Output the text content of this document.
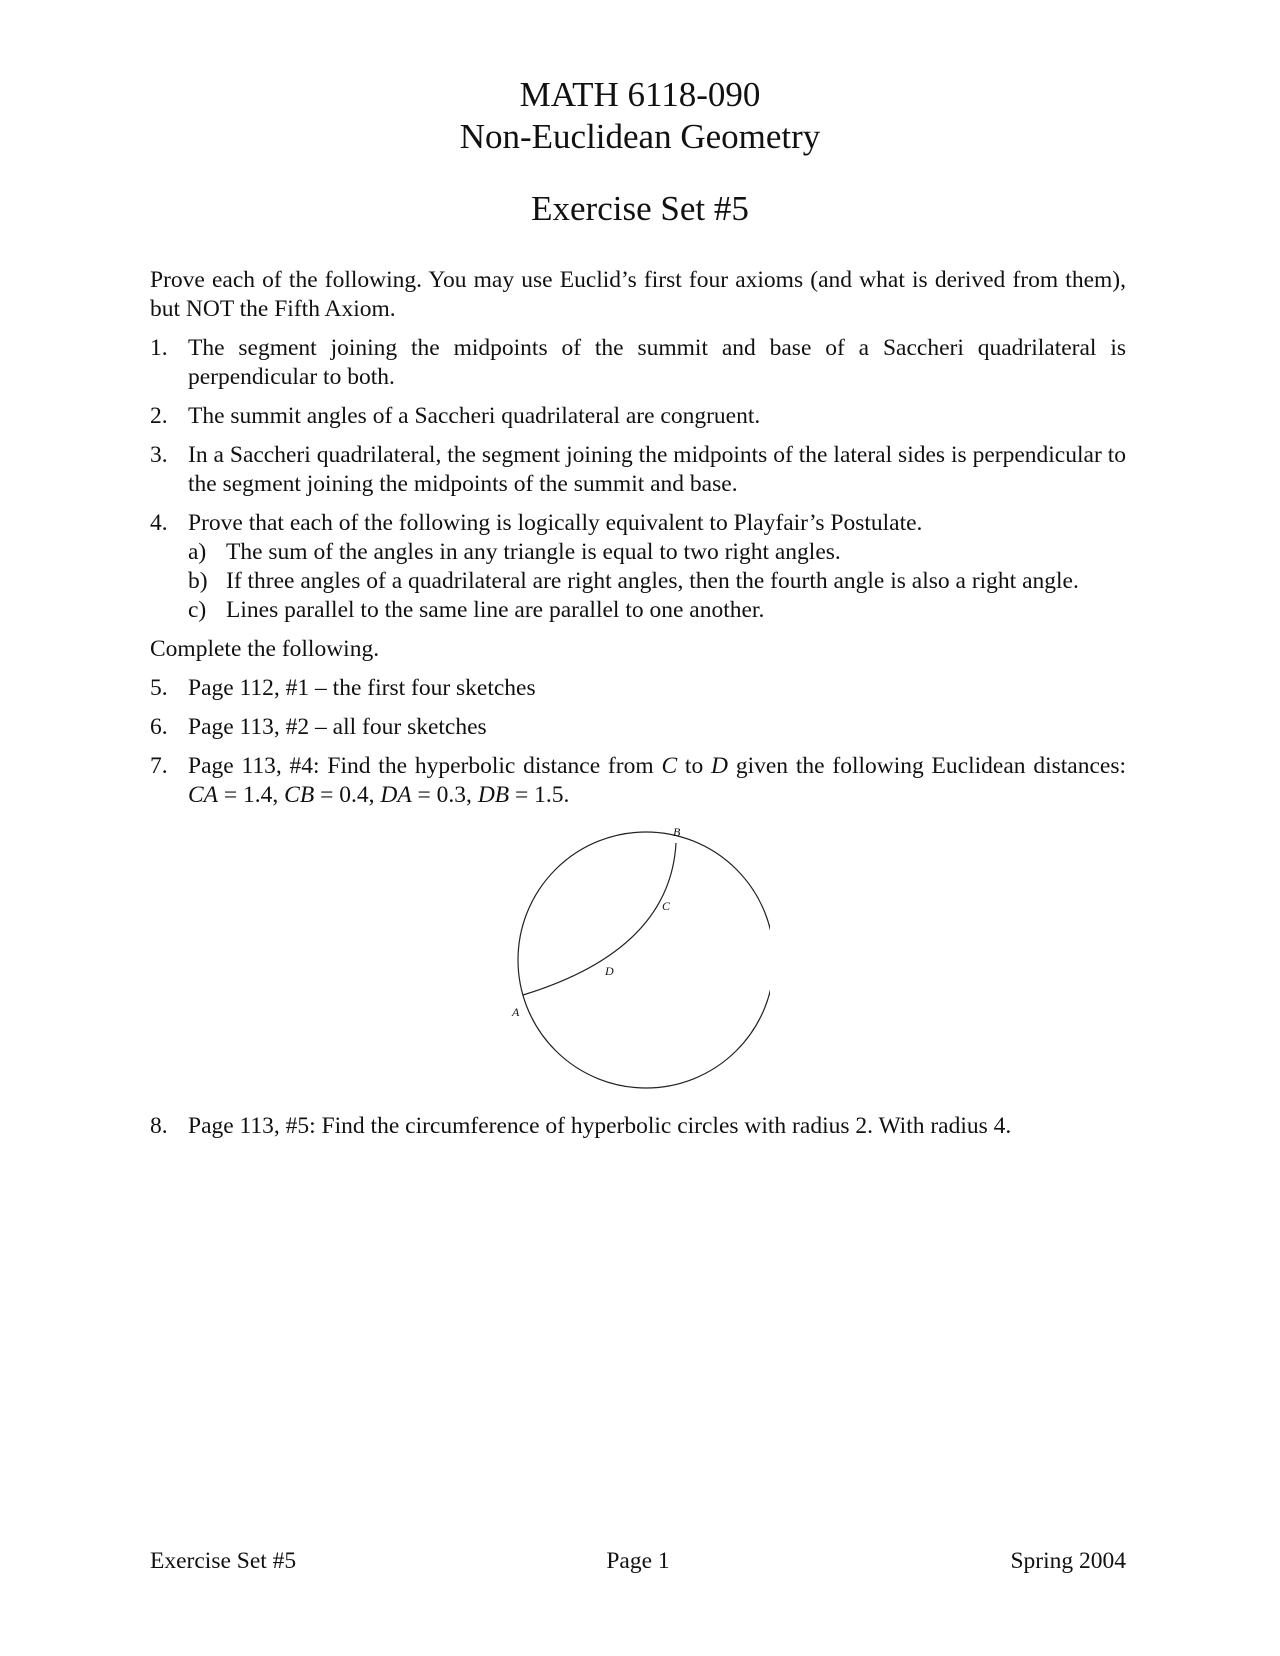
MATH 6118-090
Non-Euclidean Geometry
Exercise Set #5

Prove each of the following. You may use Euclid’s first four axioms (and what is derived from them), but NOT the Fifth Axiom.

1. The segment joining the midpoints of the summit and base of a Saccheri quadrilateral is perpendicular to both.
2. The summit angles of a Saccheri quadrilateral are congruent.
3. In a Saccheri quadrilateral, the segment joining the midpoints of the lateral sides is perpendicular to the segment joining the midpoints of the summit and base.
4. Prove that each of the following is logically equivalent to Playfair’s Postulate.
a) The sum of the angles in any triangle is equal to two right angles.
b) If three angles of a quadrilateral are right angles, then the fourth angle is also a right angle.
c) Lines parallel to the same line are parallel to one another.

Complete the following.

5. Page 112, #1 – the first four sketches
6. Page 113, #2 – all four sketches
7. Page 113, #4: Find the hyperbolic distance from C to D given the following Euclidean distances: CA = 1.4, CB = 0.4, DA = 0.3, DB = 1.5.
A
B
C
D
8. Page 113, #5: Find the circumference of hyperbolic circles with radius 2. With radius 4.
Exercise Set #5	Page 1	Spring 2004
